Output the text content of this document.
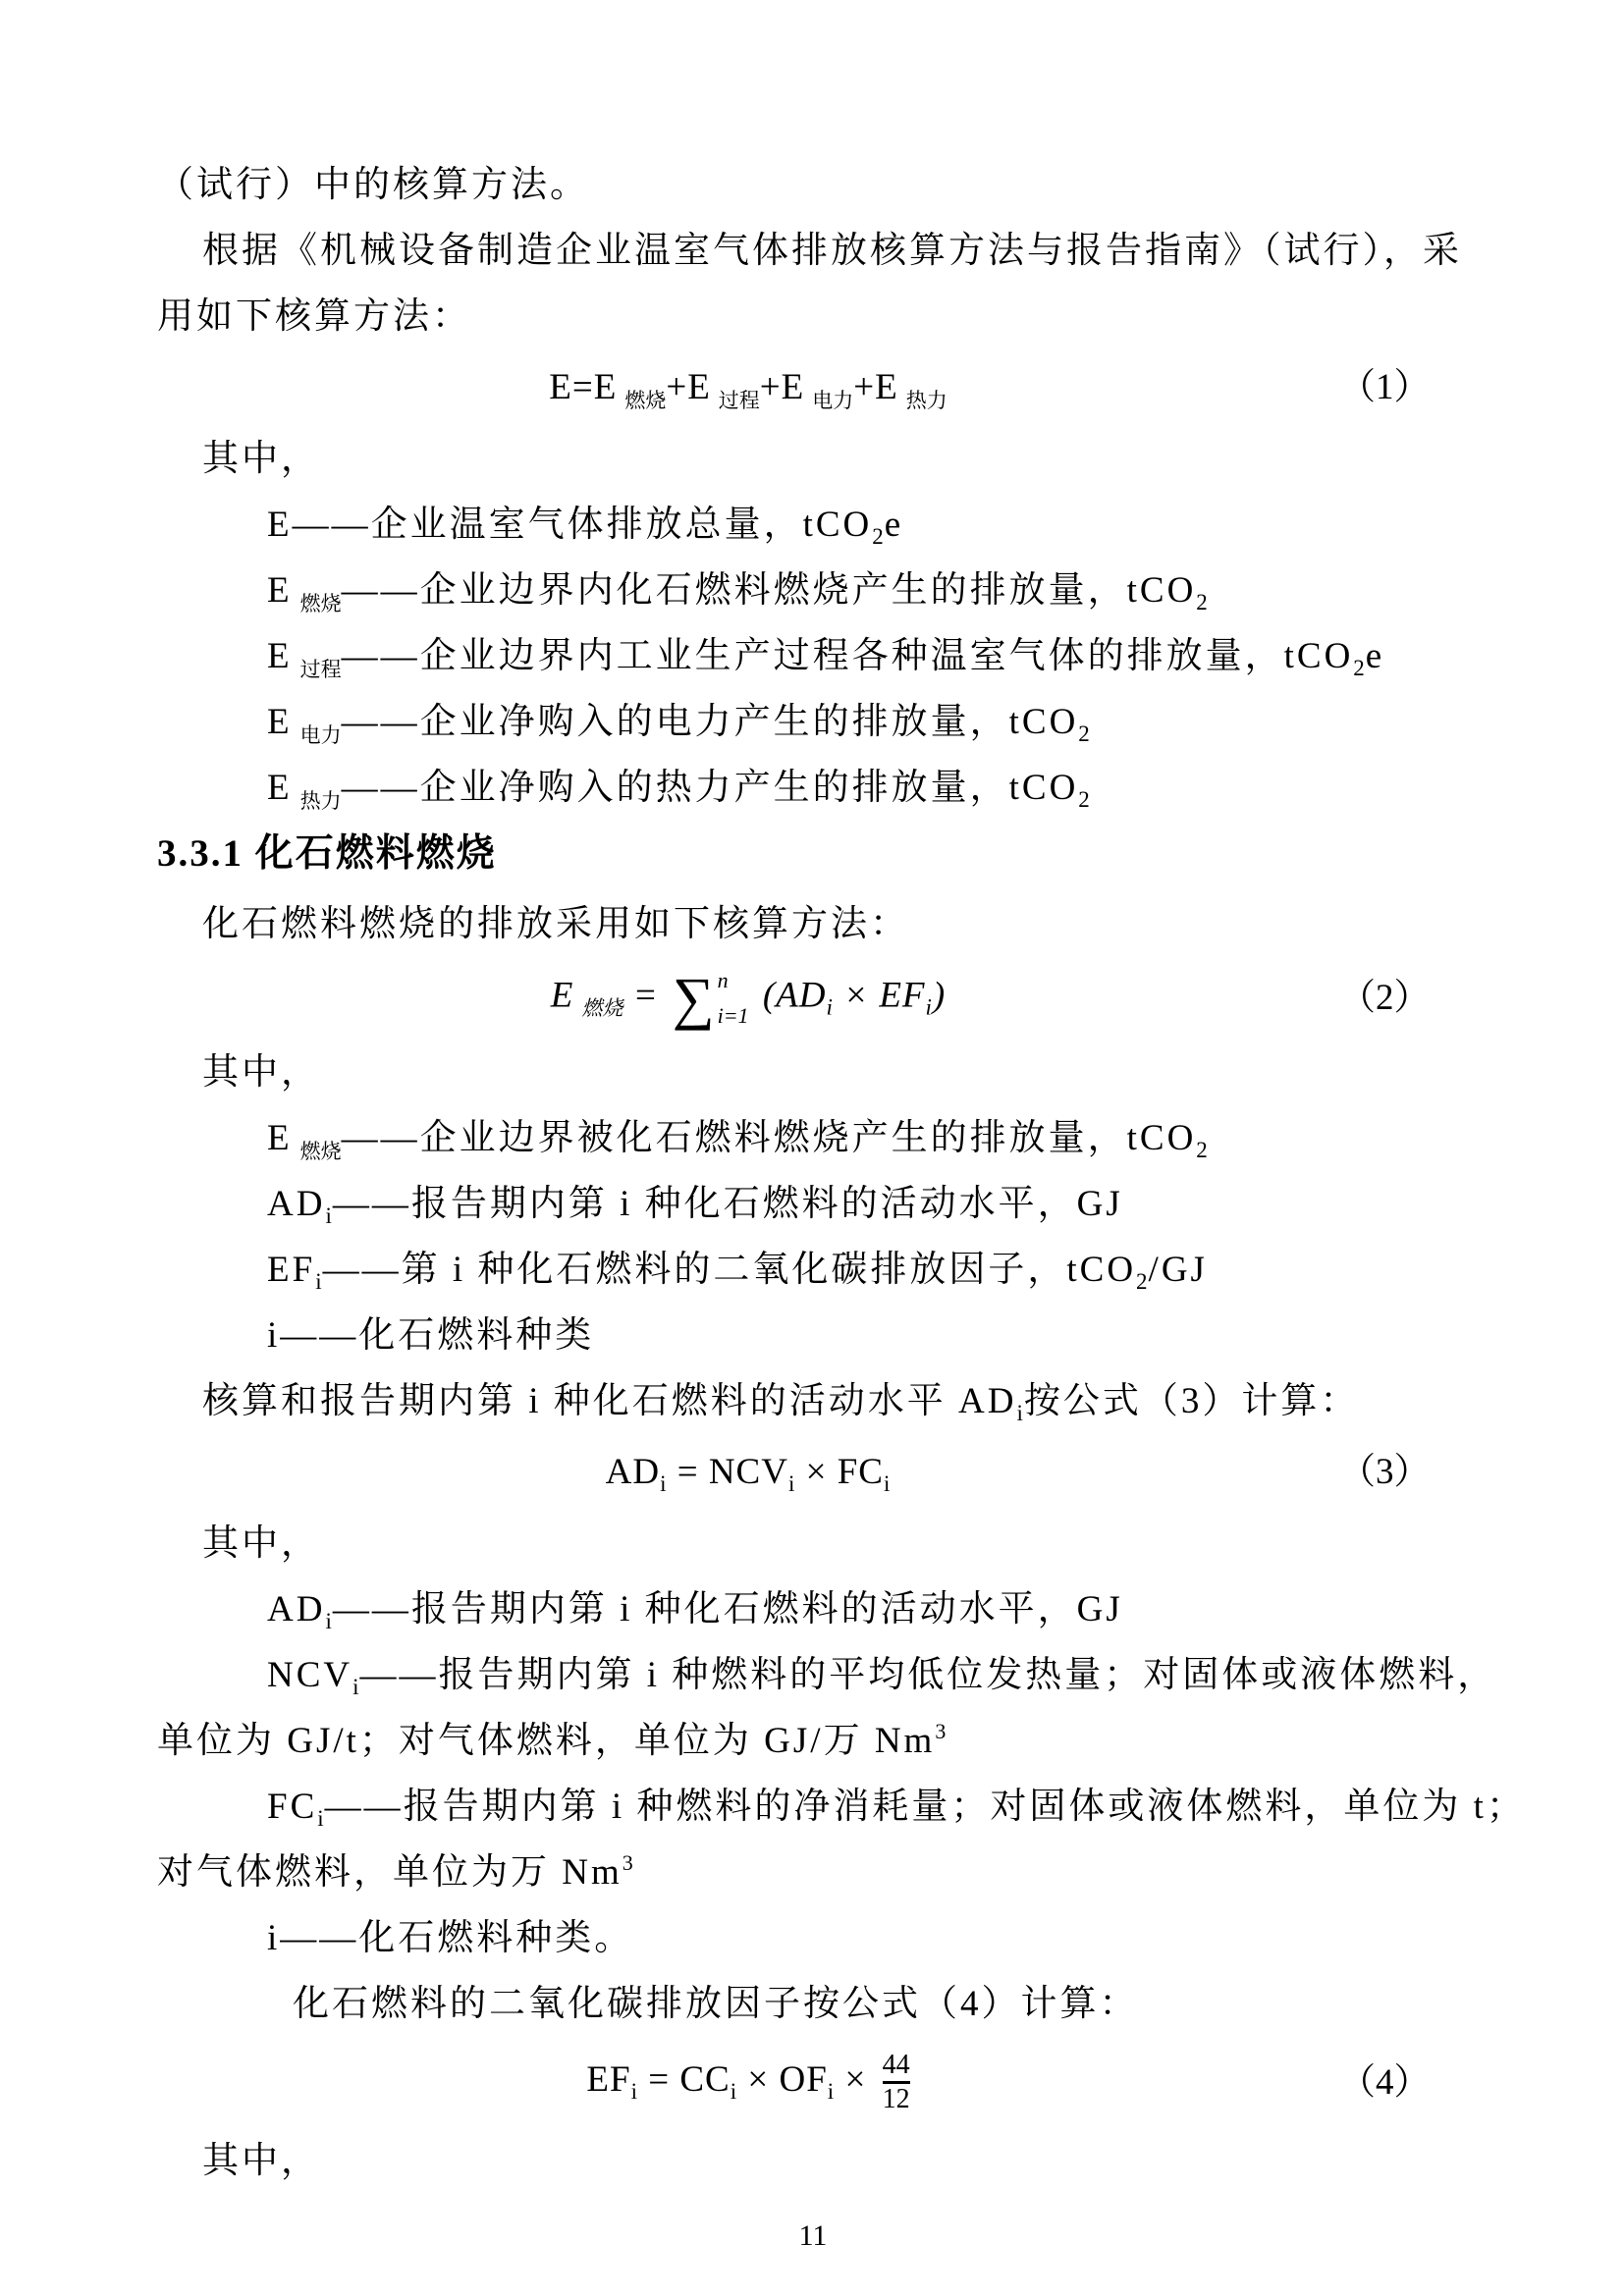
（试行）中的核算方法。
根据《机械设备制造企业温室气体排放核算方法与报告指南》（试行），采
用如下核算方法：
E=E $_{燃烧}$+E $_{过程}$+E $_{电力}$+E $_{热力}$	（1）
其中，
E——企业温室气体排放总量，tCO$_2$e
E $_{燃烧}$——企业边界内化石燃料燃烧产生的排放量，tCO$_2$
E $_{过程}$——企业边界内工业生产过程各种温室气体的排放量，tCO$_2$e
E $_{电力}$——企业净购入的电力产生的排放量，tCO$_2$
E $_{热力}$——企业净购入的热力产生的排放量，tCO$_2$
3.3.1 化石燃料燃烧
化石燃料燃烧的排放采用如下核算方法：
E $_{燃烧}$ = ∑ n
i=1
$(AD_i \times EF_i)$	（2）
其中，
E $_{燃烧}$——企业边界被化石燃料燃烧产生的排放量，tCO$_2$
$AD_i——$报告期内第 i 种化石燃料的活动水平，GJ
$EF_i——$第 i 种化石燃料的二氧化碳排放因子，tCO$_2$/GJ
i——化石燃料种类
核算和报告期内第 i 种化石燃料的活动水平 $AD_i$按公式（3）计算：
$AD_i = NCV_i \times FC_i$	（3）
其中，
$AD_i——$报告期内第 i 种化石燃料的活动水平，GJ
$NCV_i——$报告期内第 i 种燃料的平均低位发热量；对固体或液体燃料，
单位为 GJ/t；对气体燃料，单位为 GJ/万 Nm$^3$
$FC_i——$报告期内第 i 种燃料的净消耗量；对固体或液体燃料，单位为 t；
对气体燃料，单位为万 Nm$^3$
i——化石燃料种类。
化石燃料的二氧化碳排放因子按公式（4）计算：
$EF_i = CC_i \times OF_i \times \frac{44}{12}$	（4）
其中，
11
